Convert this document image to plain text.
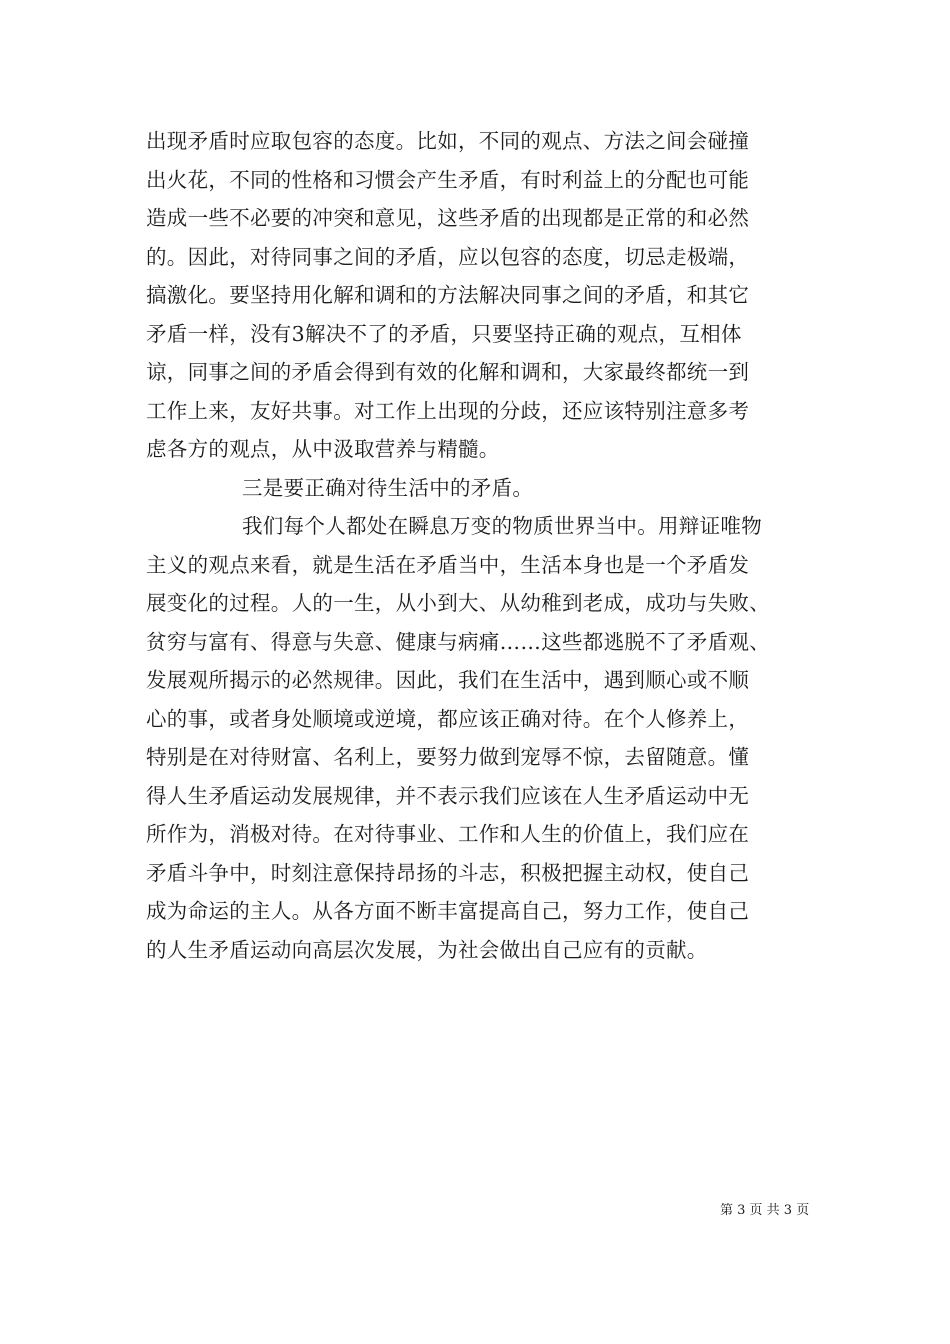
出现矛盾时应取包容的态度。比如，不同的观点、方法之间会碰撞
出火花，不同的性格和习惯会产生矛盾，有时利益上的分配也可能
造成一些不必要的冲突和意见，这些矛盾的出现都是正常的和必然
的。因此，对待同事之间的矛盾，应以包容的态度，切忌走极端，
搞激化。要坚持用化解和调和的方法解决同事之间的矛盾，和其它
矛盾一样，没有3解决不了的矛盾，只要坚持正确的观点，互相体
谅，同事之间的矛盾会得到有效的化解和调和，大家最终都统一到
工作上来，友好共事。对工作上出现的分歧，还应该特别注意多考
虑各方的观点，从中汲取营养与精髓。
三是要正确对待生活中的矛盾。
我们每个人都处在瞬息万变的物质世界当中。用辩证唯物
主义的观点来看，就是生活在矛盾当中，生活本身也是一个矛盾发
展变化的过程。人的一生，从小到大、从幼稚到老成，成功与失败、
贫穷与富有、得意与失意、健康与病痛……这些都逃脱不了矛盾观、
发展观所揭示的必然规律。因此，我们在生活中，遇到顺心或不顺
心的事，或者身处顺境或逆境，都应该正确对待。在个人修养上，
特别是在对待财富、名利上，要努力做到宠辱不惊，去留随意。懂
得人生矛盾运动发展规律，并不表示我们应该在人生矛盾运动中无
所作为，消极对待。在对待事业、工作和人生的价值上，我们应在
矛盾斗争中，时刻注意保持昂扬的斗志，积极把握主动权，使自己
成为命运的主人。从各方面不断丰富提高自己，努力工作，使自己
的人生矛盾运动向高层次发展，为社会做出自己应有的贡献。
第 3 页 共 3 页
